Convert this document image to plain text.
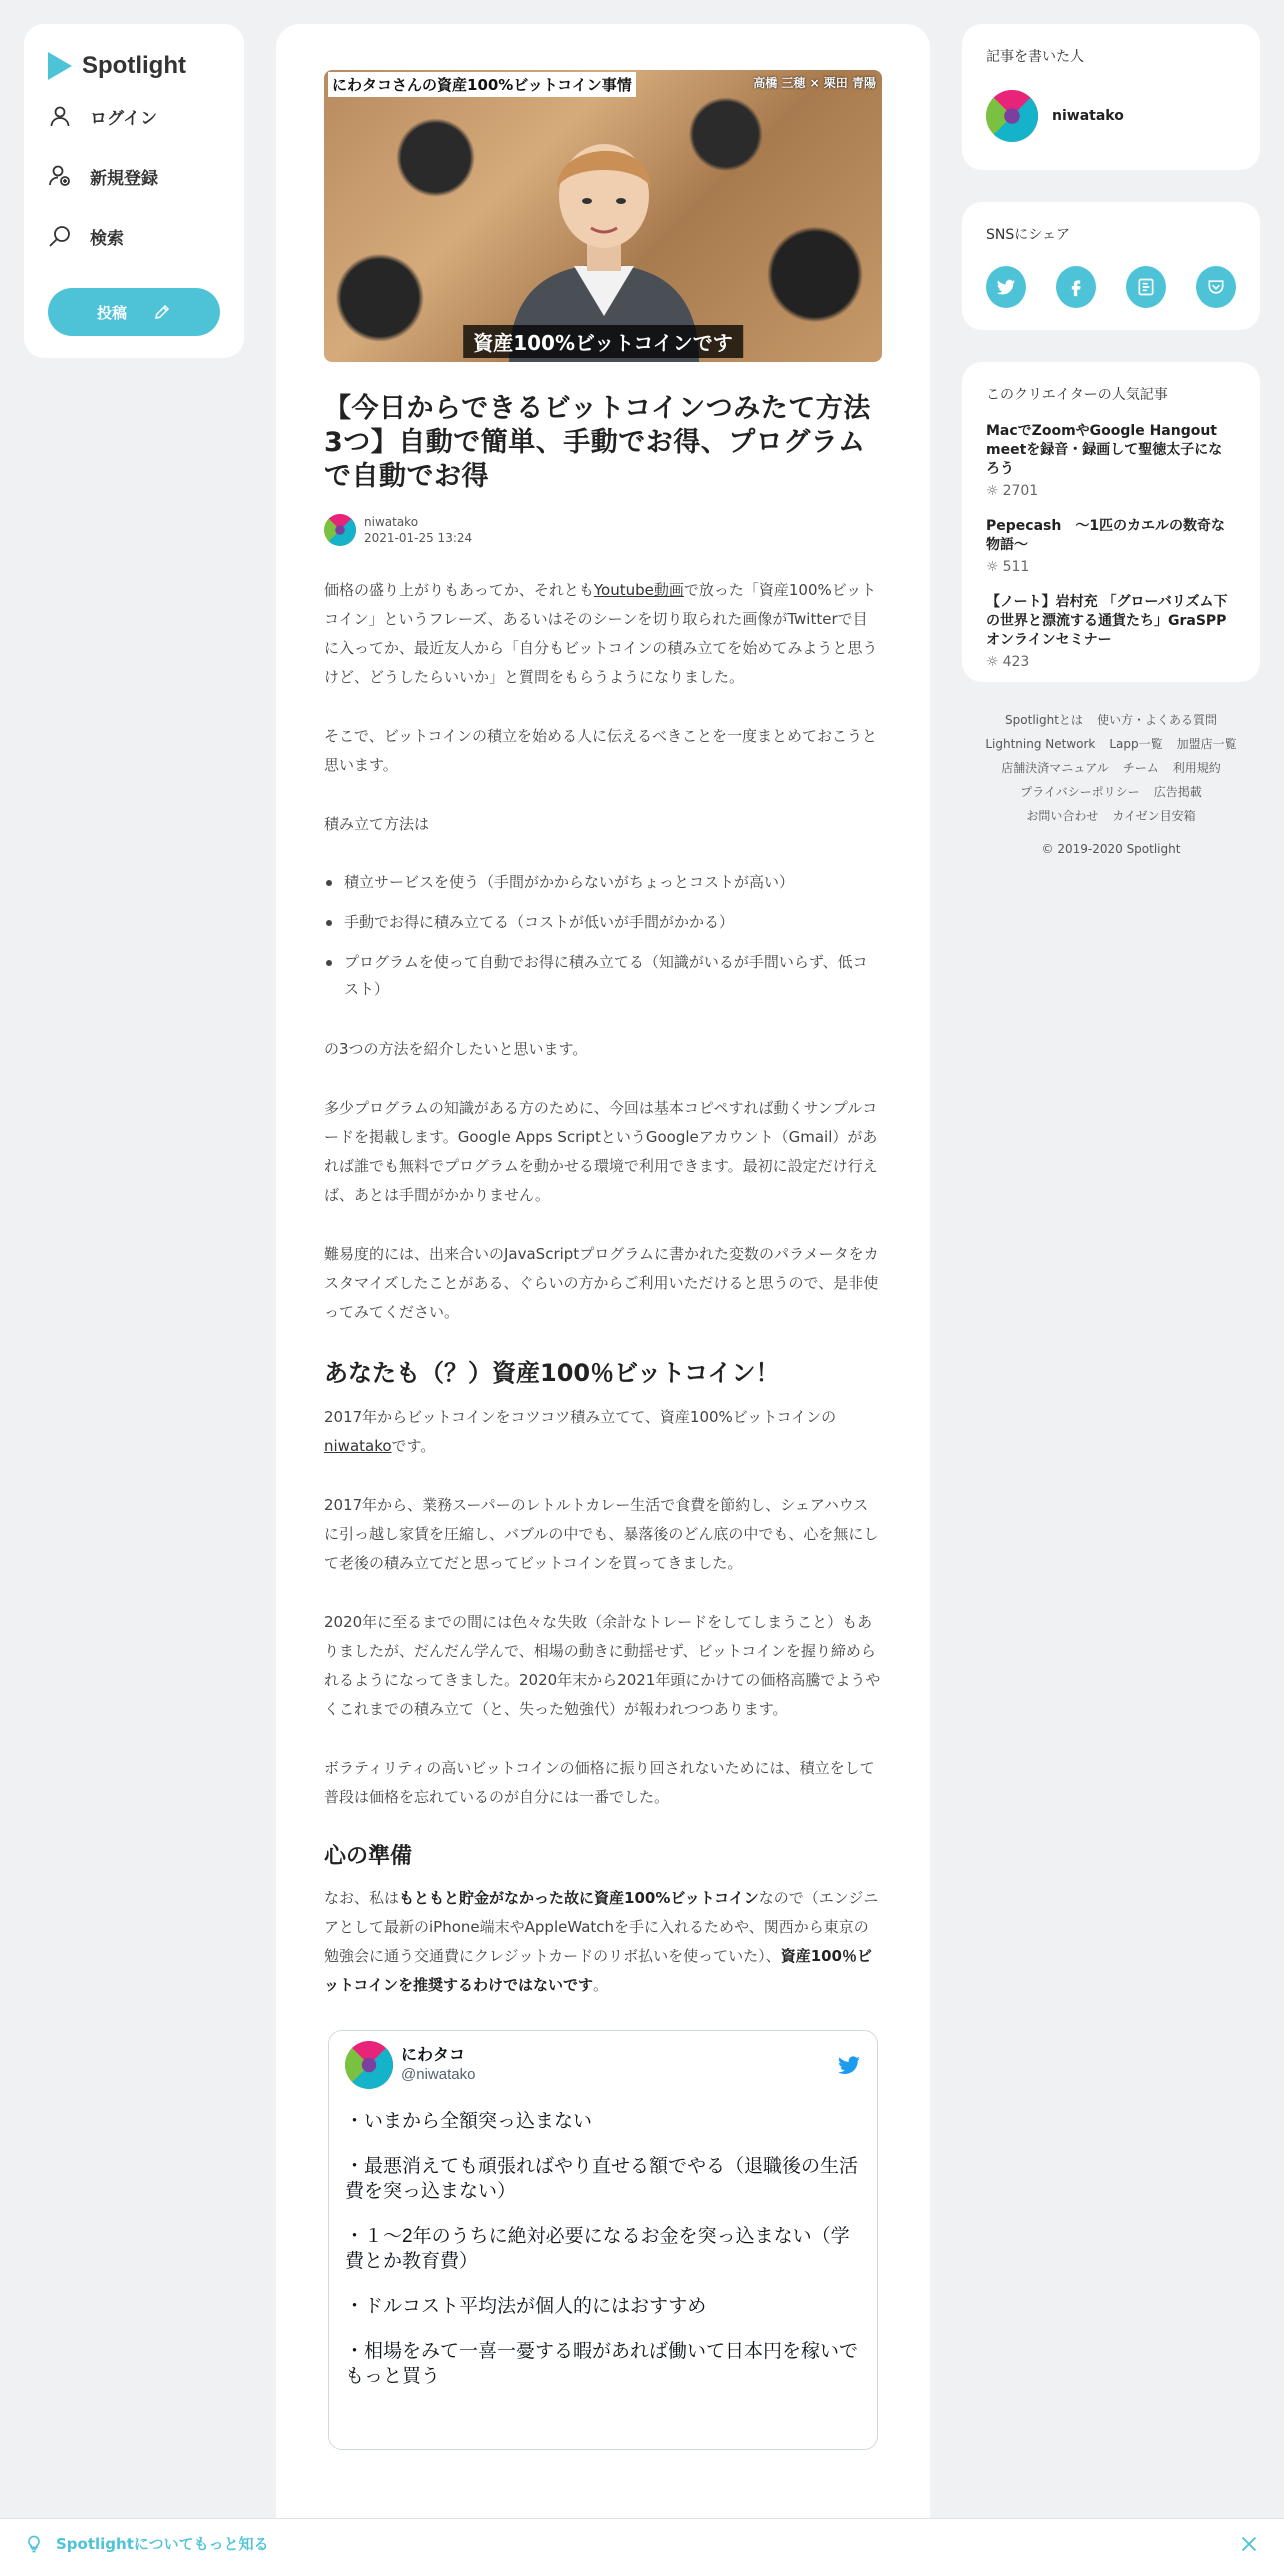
Spotlight
ログイン
新規登録
検索
投稿
にわタコさんの資産100%ビットコイン事情	高橋 三穂 × 栗田 青陽
資産100%ビットコインです
【今日からできるビットコインつみたて方法3つ】自動で簡単、手動でお得、プログラムで自動でお得
niwatako
2021-01-25 13:24

価格の盛り上がりもあってか、それともYoutube動画で放った「資産100%ビットコイン」というフレーズ、あるいはそのシーンを切り取られた画像がTwitterで目に入ってか、最近友人から「自分もビットコインの積み立てを始めてみようと思うけど、どうしたらいいか」と質問をもらうようになりました。

そこで、ビットコインの積立を始める人に伝えるべきことを一度まとめておこうと思います。

積み立て方法は

積立サービスを使う（手間がかからないがちょっとコストが高い）
手動でお得に積み立てる（コストが低いが手間がかかる）
プログラムを使って自動でお得に積み立てる（知識がいるが手間いらず、低コスト）

の3つの方法を紹介したいと思います。

多少プログラムの知識がある方のために、今回は基本コピペすれば動くサンプルコードを掲載します。Google Apps ScriptというGoogleアカウント（Gmail）があれば誰でも無料でプログラムを動かせる環境で利用できます。最初に設定だけ行えば、あとは手間がかかりません。

難易度的には、出来合いのJavaScriptプログラムに書かれた変数のパラメータをカスタマイズしたことがある、ぐらいの方からご利用いただけると思うので、是非使ってみてください。

あなたも（？）資産100％ビットコイン！

2017年からビットコインをコツコツ積み立てて、資産100%ビットコインのniwatakoです。

2017年から、業務スーパーのレトルトカレー生活で食費を節約し、シェアハウスに引っ越し家賃を圧縮し、バブルの中でも、暴落後のどん底の中でも、心を無にして老後の積み立てだと思ってビットコインを買ってきました。

2020年に至るまでの間には色々な失敗（余計なトレードをしてしまうこと）もありましたが、だんだん学んで、相場の動きに動揺せず、ビットコインを握り締められるようになってきました。2020年末から2021年頭にかけての価格高騰でようやくこれまでの積み立て（と、失った勉強代）が報われつつあります。

ボラティリティの高いビットコインの価格に振り回されないためには、積立をして普段は価格を忘れているのが自分には一番でした。

心の準備

なお、私はもともと貯金がなかった故に資産100%ビットコインなので（エンジニアとして最新のiPhone端末やAppleWatchを手に入れるためや、関西から東京の勉強会に通う交通費にクレジットカードのリボ払いを使っていた）、資産100％ビットコインを推奨するわけではないです。

にわタコ
@niwatako
・いまから全額突っ込まない
・最悪消えても頑張ればやり直せる額でやる（退職後の生活費を突っ込まない）
・１〜2年のうちに絶対必要になるお金を突っ込まない（学費とか教育費）
・ドルコスト平均法が個人的にはおすすめ
・相場をみて一喜一憂する暇があれば働いて日本円を稼いでもっと買う
記事を書いた人
niwatako
SNSにシェア
このクリエイターの人気記事
MacでZoomやGoogle Hangout meetを録音・録画して聖徳太子になろう
☼ 2701
Pepecash　〜1匹のカエルの数奇な物語〜
☼ 511
【ノート】岩村充 「グローバリズム下の世界と漂流する通貨たち」GraSPPオンラインセミナー
☼ 423
Spotlightとは 使い方・よくある質問
Lightning Network Lapp一覧 加盟店一覧
店舗決済マニュアル チーム 利用規約
プライバシーポリシー 広告掲載
お問い合わせ カイゼン目安箱
© 2019-2020 Spotlight
Spotlightについてもっと知る
